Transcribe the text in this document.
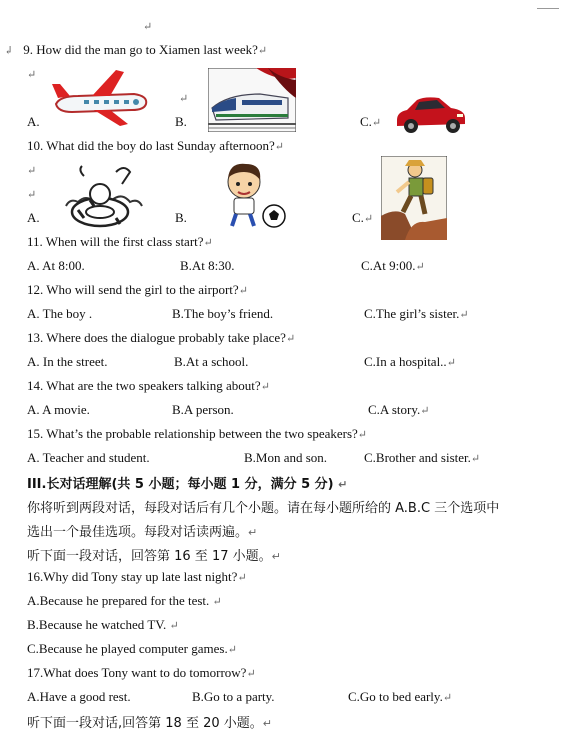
↵
↲ 9. How did the man go to Xiamen last week?↵
↵
↵
A.	B.	C.↵
10. What did the boy do last Sunday afternoon?↵
↵
↵
A.	B.	C.↵
11. When will the first class start?↵
A. At 8:00.	B.At 8:30.	C.At 9:00.↵
12. Who will send the girl to the airport?↵
A. The boy .	B.The boy’s friend.	C.The girl’s sister.↵
13. Where does the dialogue probably take place?↵
A. In the street.	B.At a school.	C.In a hospital..↵
14. What are the two speakers talking about?↵
A. A movie.	B.A person.	C.A story.↵
15. What’s the probable relationship between the two speakers?↵
A. Teacher and student.	B.Mon and son.	C.Brother and sister.↵
III.长对话理解(共 5 小题；每小题 1 分，满分 5 分) ↵
你将听到两段对话，每段对话后有几个小题。请在每小题所给的 A.B.C 三个选项中
选出一个最佳选项。每段对话读两遍。↵
听下面一段对话，回答第 16 至 17 小题。↵
16.Why did Tony stay up late last night?↵
A.Because he prepared for the test. ↵
B.Because he watched TV. ↵
C.Because he played computer games.↵
17.What does Tony want to do tomorrow?↵
A.Have a good rest.	B.Go to a party.	C.Go to bed early.↵
听下面一段对话,回答第 18 至 20 小题。↵
